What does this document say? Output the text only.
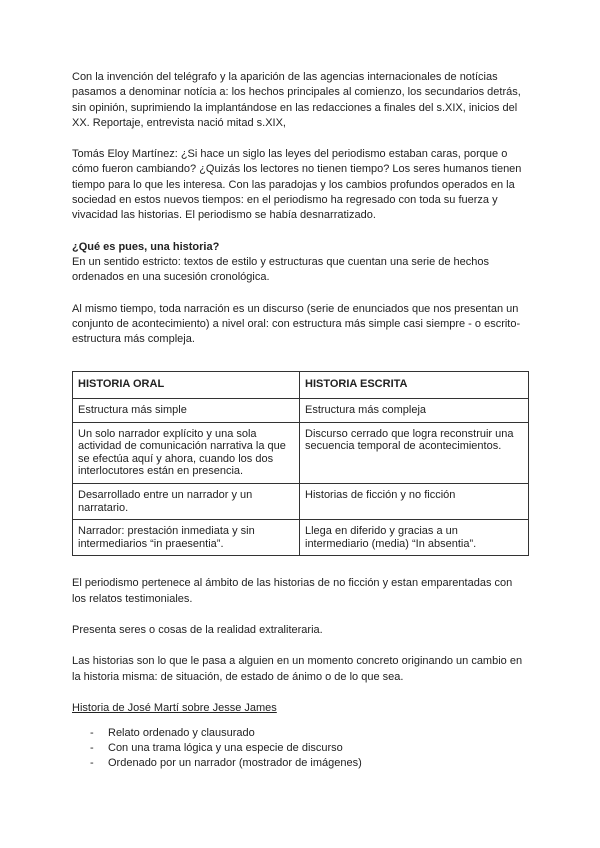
Con la invención del telégrafo y la aparición de las agencias internacionales de notícias pasamos a denominar notícia a: los hechos principales al comienzo, los secundarios detrás, sin opinión, suprimiendo la implantándose en las redacciones a finales del s.XIX, inicios del XX. Reportaje, entrevista nació mitad s.XIX,

Tomás Eloy Martínez: ¿Si hace un siglo las leyes del periodismo estaban caras, porque o cómo fueron cambiando? ¿Quizás los lectores no tienen tiempo? Los seres humanos tienen tiempo para lo que les interesa. Con las paradojas y los cambios profundos operados en la sociedad en estos nuevos tiempos: en el periodismo ha regresado con toda su fuerza y vivacidad las historias. El periodismo se había desnarratizado.

¿Qué es pues, una historia?

En un sentido estricto: textos de estilo y estructuras que cuentan una serie de hechos ordenados en una sucesión cronológica.

Al mismo tiempo, toda narración es un discurso (serie de enunciados que nos presentan un conjunto de acontecimiento) a nivel oral: con estructura más simple casi siempre - o escrito-estructura más compleja.

HISTORIA ORAL	HISTORIA ESCRITA
Estructura más simple	Estructura más compleja
Un solo narrador explícito y una sola actividad de comunicación narrativa la que se efectúa aquí y ahora, cuando los dos interlocutores están en presencia.	Discurso cerrado que logra reconstruir una secuencia temporal de acontecimientos.
Desarrollado entre un narrador y un narratario.	Historias de ficción y no ficción
Narrador: prestación inmediata y sin intermediarios “in praesentia”.	Llega en diferido y gracias a un intermediario (media) “In absentia”.

El periodismo pertenece al ámbito de las historias de no ficción y estan emparentadas con los relatos testimoniales.

Presenta seres o cosas de la realidad extraliteraria.

Las historias son lo que le pasa a alguien en un momento concreto originando un cambio en la historia misma: de situación, de estado de ánimo o de lo que sea.

Historia de José Martí sobre Jesse James

- Relato ordenado y clausurado
- Con una trama lógica y una especie de discurso
- Ordenado por un narrador (mostrador de imágenes)
